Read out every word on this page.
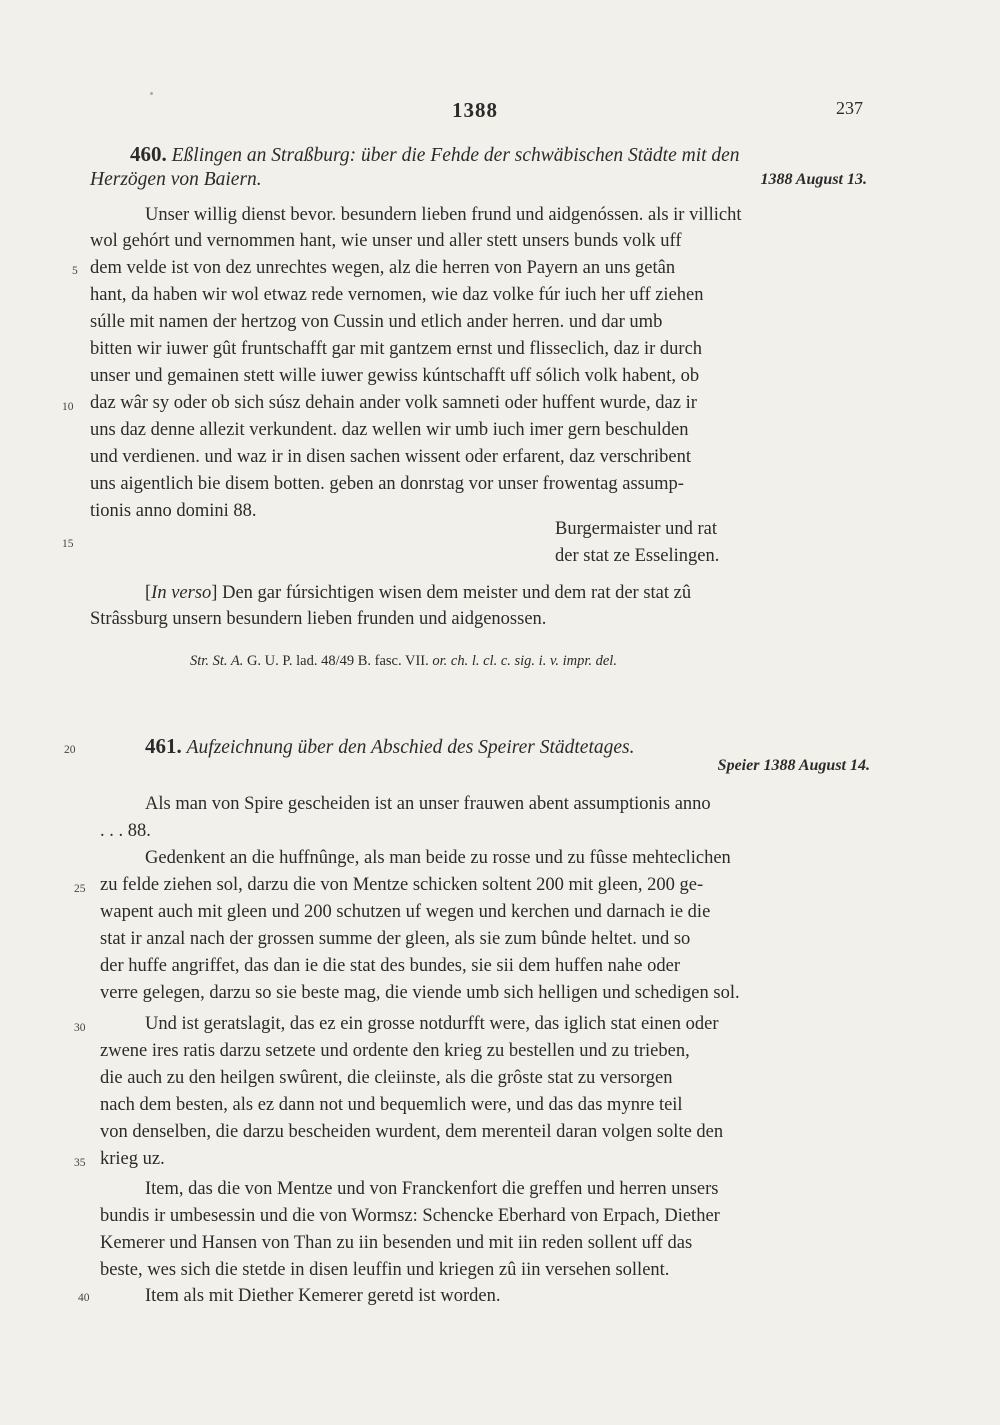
1388	237
460. Eßlingen an Straßburg: über die Fehde der schwäbischen Städte mit den
Herzögen von Baiern.	1388 August 13.
Unser willig dienst bevor. besundern lieben frund und aidgenóssen. als ir villicht
wol gehórt und vernommen hant, wie unser und aller stett unsers bunds volk uff
dem velde ist von dez unrechtes wegen, alz die herren von Payern an uns getân
hant, da haben wir wol etwaz rede vernomen, wie daz volke fúr iuch her uff ziehen
súlle mit namen der hertzog von Cussin und etlich ander herren. und dar umb
bitten wir iuwer gût fruntschafft gar mit gantzem ernst und flisseclich, daz ir durch
unser und gemainen stett wille iuwer gewiss kúntschafft uff sólich volk habent, ob
daz wâr sy oder ob sich súsz dehain ander volk samneti oder huffent wurde, daz ir
uns daz denne allezit verkundent. daz wellen wir umb iuch imer gern beschulden
und verdienen. und waz ir in disen sachen wissent oder erfarent, daz verschribent
uns aigentlich bie disem botten. geben an donrstag vor unser frowentag assump-
tionis anno domini 88.
Burgermaister und rat
der stat ze Esselingen.
[In verso] Den gar fúrsichtigen wisen dem meister und dem rat der stat zû
Strâssburg unsern besundern lieben frunden und aidgenossen.
Str. St. A. G. U. P. lad. 48/49 B. fasc. VII. or. ch. l. cl. c. sig. i. v. impr. del.
461. Aufzeichnung über den Abschied des Speirer Städtetages.
Speier 1388 August 14.
Als man von Spire gescheiden ist an unser frauwen abent assumptionis anno
. . . 88.
Gedenkent an die huffnûnge, als man beide zu rosse und zu fûsse mehteclichen
zu felde ziehen sol, darzu die von Mentze schicken soltent 200 mit gleen, 200 ge-
wapent auch mit gleen und 200 schutzen uf wegen und kerchen und darnach ie die
stat ir anzal nach der grossen summe der gleen, als sie zum bûnde heltet. und so
der huffe angriffet, das dan ie die stat des bundes, sie sii dem huffen nahe oder
verre gelegen, darzu so sie beste mag, die viende umb sich helligen und schedigen sol.
Und ist geratslagit, das ez ein grosse notdurfft were, das iglich stat einen oder
zwene ires ratis darzu setzete und ordente den krieg zu bestellen und zu trieben,
die auch zu den heilgen swûrent, die cleiinste, als die grôste stat zu versorgen
nach dem besten, als ez dann not und bequemlich were, und das das mynre teil
von denselben, die darzu bescheiden wurdent, dem merenteil daran volgen solte den
krieg uz.
Item, das die von Mentze und von Franckenfort die greffen und herren unsers
bundis ir umbesessin und die von Wormsz: Schencke Eberhard von Erpach, Diether
Kemerer und Hansen von Than zu iin besenden und mit iin reden sollent uff das
beste, wes sich die stetde in disen leuffin und kriegen zû iin versehen sollent.
Item als mit Diether Kemerer geretd ist worden.
5
10
15
20
25
30
35
40
